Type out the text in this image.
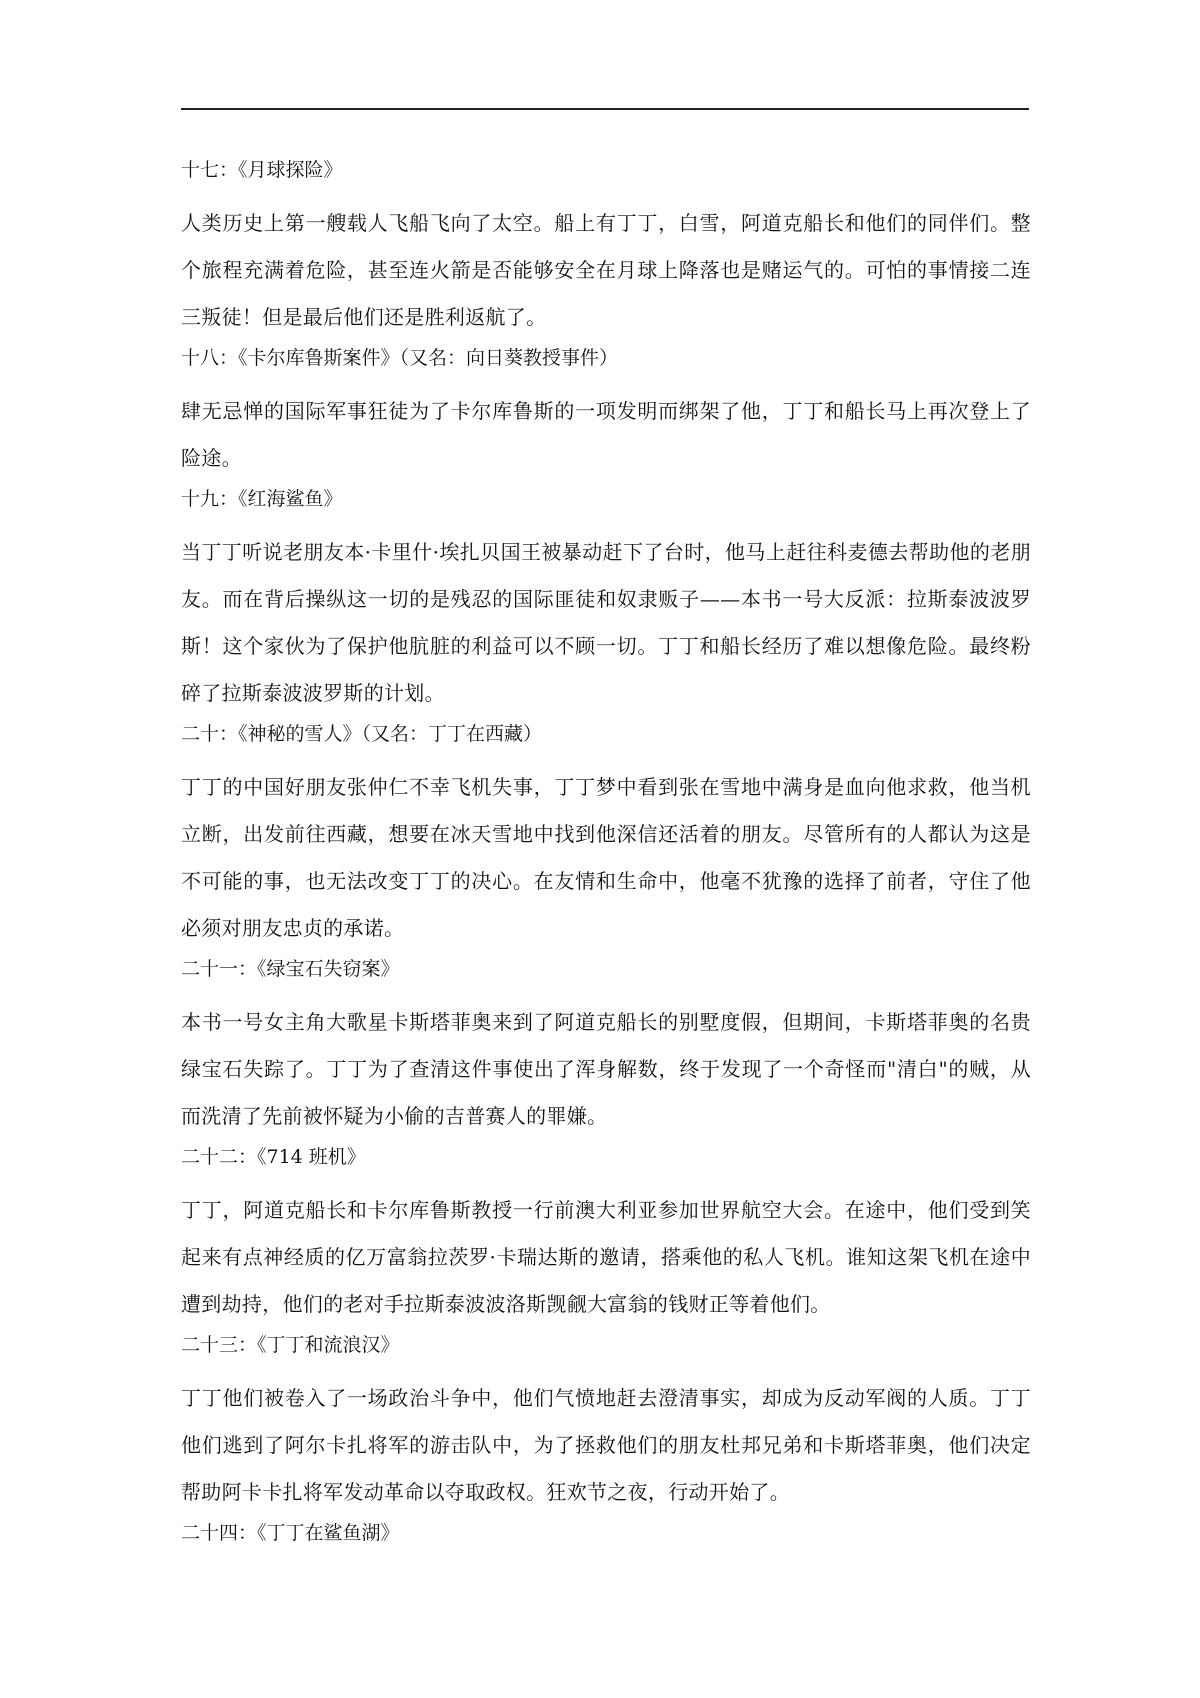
十七：《月球探险》
人类历史上第一艘载人飞船飞向了太空。船上有丁丁，白雪，阿道克船长和他们的同伴们。整个旅程充满着危险，甚至连火箭是否能够安全在月球上降落也是赌运气的。可怕的事情接二连三叛徒！但是最后他们还是胜利返航了。
十八：《卡尔库鲁斯案件》（又名：向日葵教授事件）
肆无忌惮的国际军事狂徒为了卡尔库鲁斯的一项发明而绑架了他，丁丁和船长马上再次登上了险途。
十九：《红海鲨鱼》
当丁丁听说老朋友本·卡里什·埃扎贝国王被暴动赶下了台时，他马上赶往科麦德去帮助他的老朋友。而在背后操纵这一切的是残忍的国际匪徒和奴隶贩子——本书一号大反派：拉斯泰波波罗斯！这个家伙为了保护他肮脏的利益可以不顾一切。丁丁和船长经历了难以想像危险。最终粉碎了拉斯泰波波罗斯的计划。
二十：《神秘的雪人》（又名：丁丁在西藏）
丁丁的中国好朋友张仲仁不幸飞机失事，丁丁梦中看到张在雪地中满身是血向他求救，他当机立断，出发前往西藏，想要在冰天雪地中找到他深信还活着的朋友。尽管所有的人都认为这是不可能的事，也无法改变丁丁的决心。在友情和生命中，他毫不犹豫的选择了前者，守住了他必须对朋友忠贞的承诺。
二十一：《绿宝石失窃案》
本书一号女主角大歌星卡斯塔菲奥来到了阿道克船长的别墅度假，但期间，卡斯塔菲奥的名贵绿宝石失踪了。丁丁为了查清这件事使出了浑身解数，终于发现了一个奇怪而"清白"的贼，从而洗清了先前被怀疑为小偷的吉普赛人的罪嫌。
二十二：《714 班机》
丁丁，阿道克船长和卡尔库鲁斯教授一行前澳大利亚参加世界航空大会。在途中，他们受到笑起来有点神经质的亿万富翁拉茨罗·卡瑞达斯的邀请，搭乘他的私人飞机。谁知这架飞机在途中遭到劫持，他们的老对手拉斯泰波波洛斯觊觎大富翁的钱财正等着他们。
二十三：《丁丁和流浪汉》
丁丁他们被卷入了一场政治斗争中，他们气愤地赶去澄清事实，却成为反动军阀的人质。丁丁他们逃到了阿尔卡扎将军的游击队中，为了拯救他们的朋友杜邦兄弟和卡斯塔菲奥，他们决定帮助阿卡卡扎将军发动革命以夺取政权。狂欢节之夜，行动开始了。
二十四：《丁丁在鲨鱼湖》
